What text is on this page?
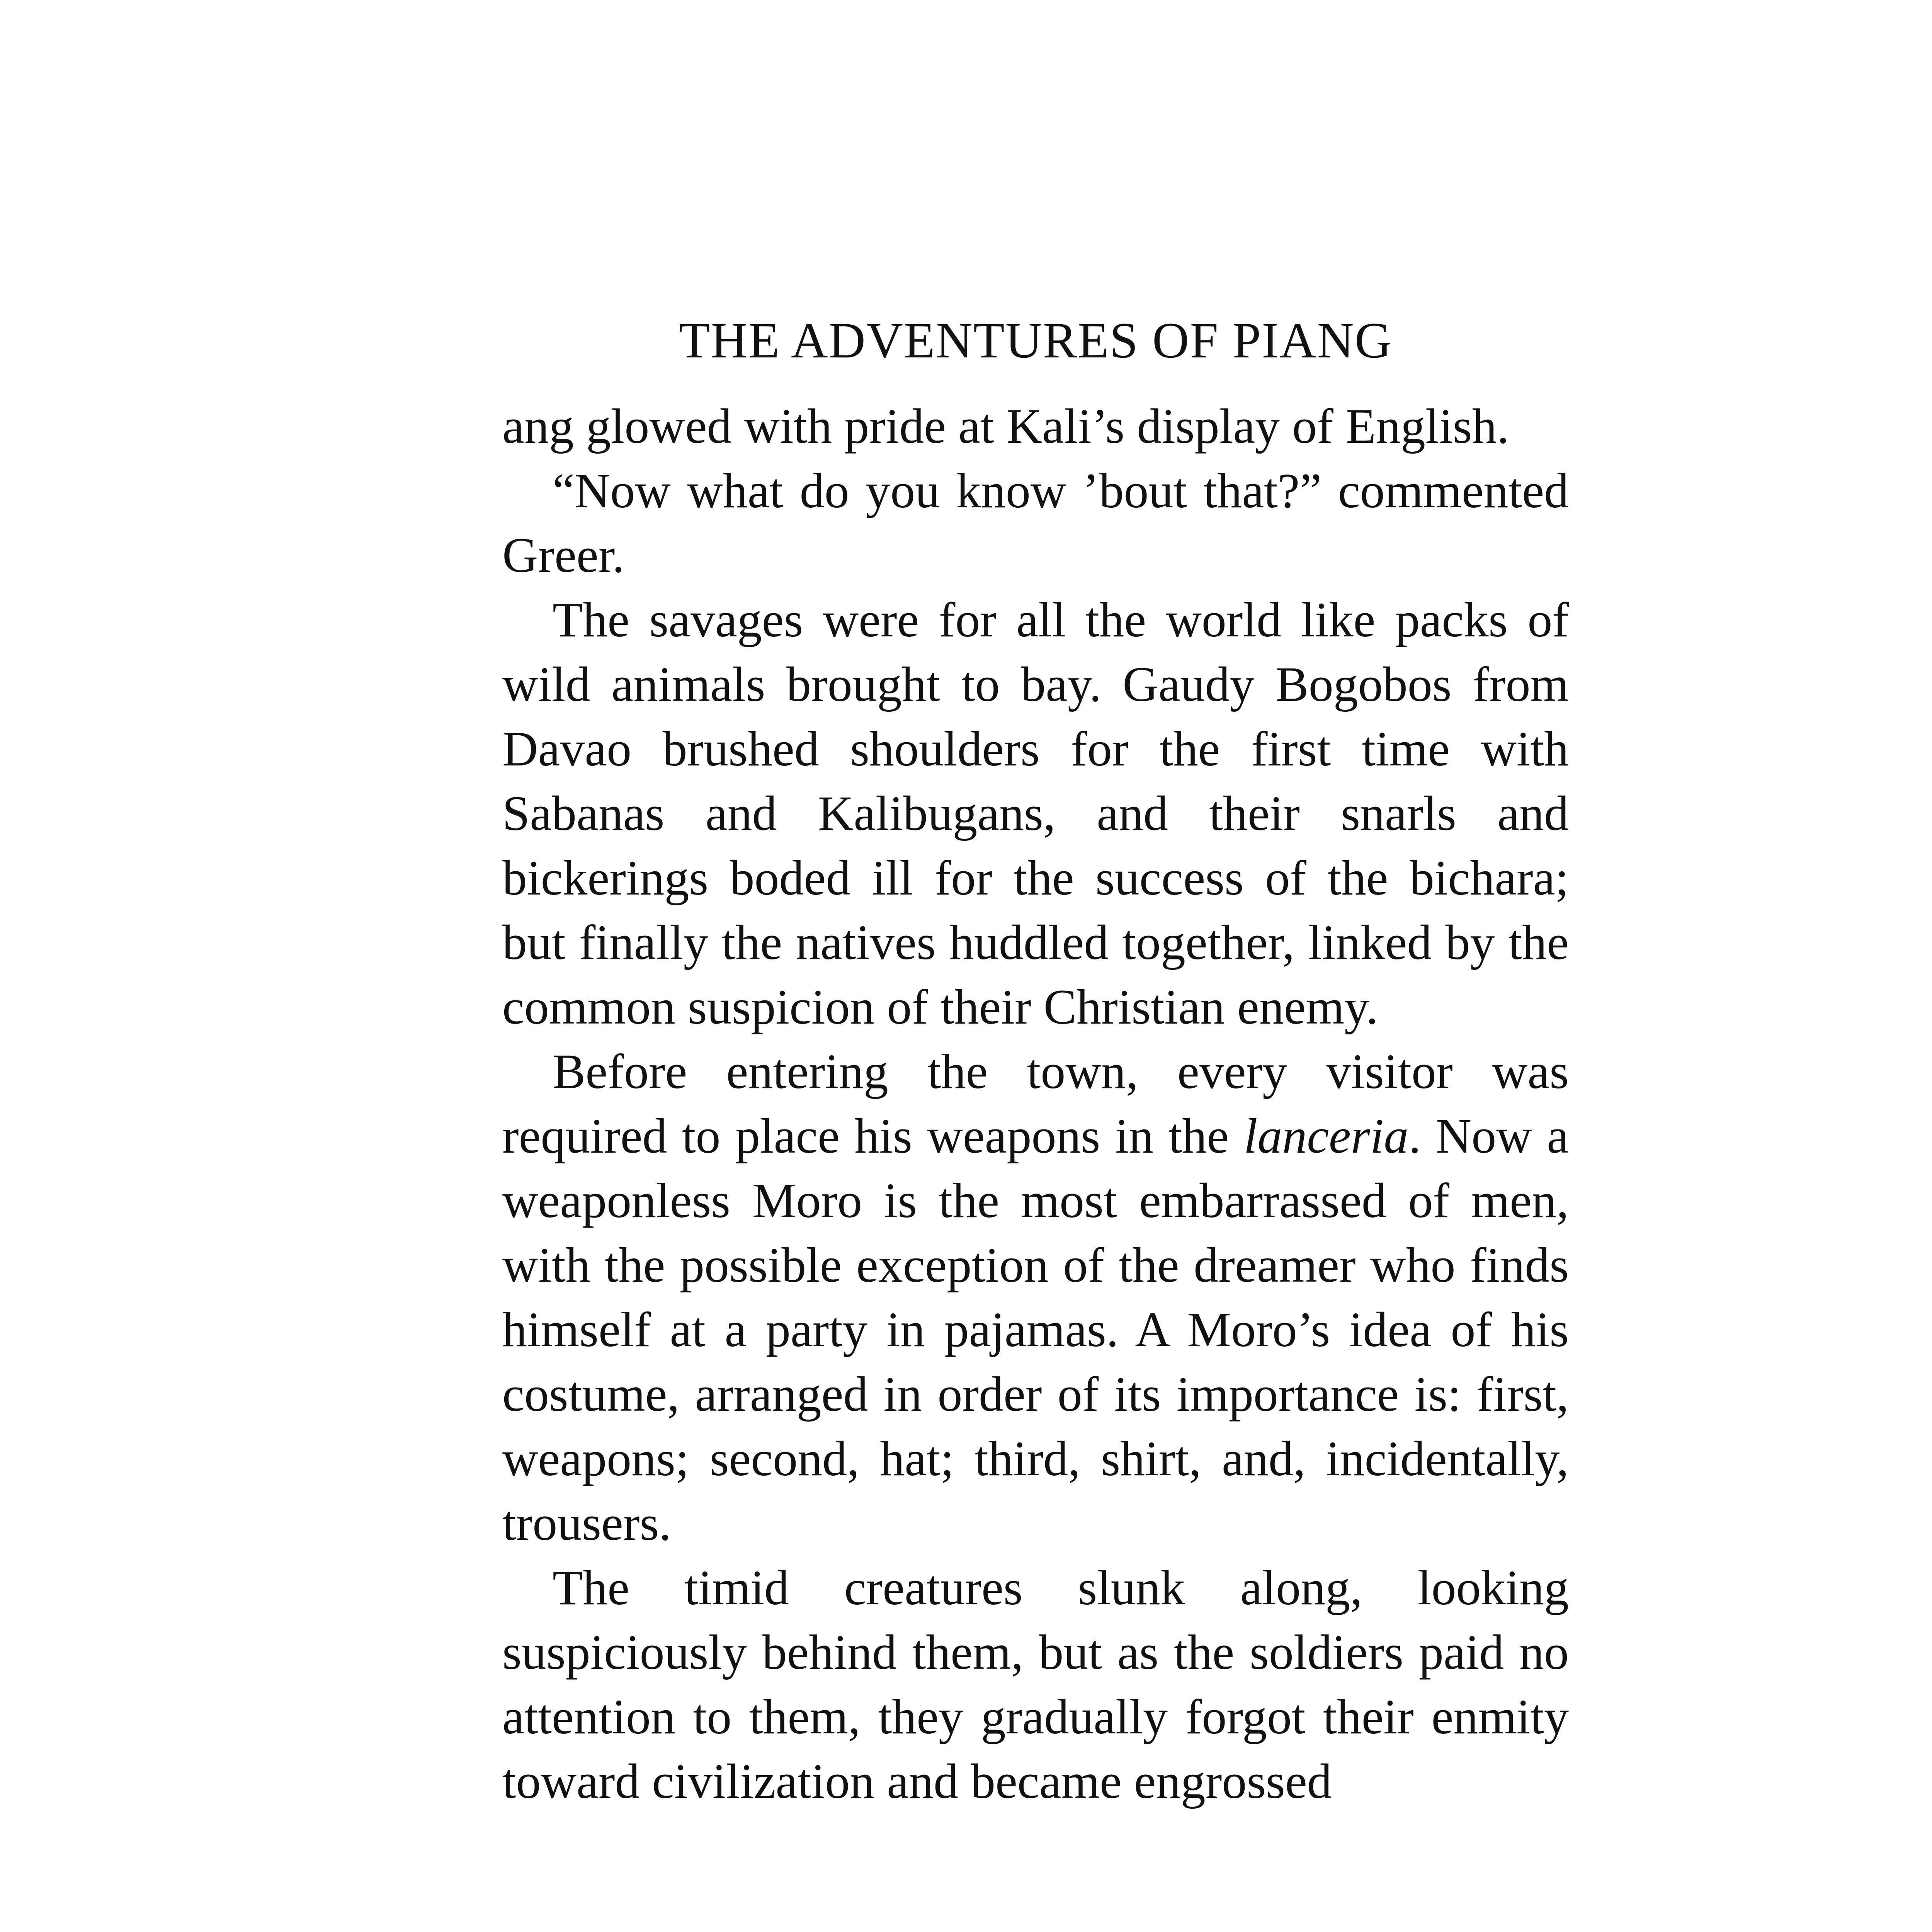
THE ADVENTURES OF PIANG

ang glowed with pride at Kali’s display of English.

“Now what do you know ’bout that?” commented Greer.

The savages were for all the world like packs of wild animals brought to bay. Gaudy Bogobos from Davao brushed shoulders for the first time with Sabanas and Kalibugans, and their snarls and bickerings boded ill for the success of the bichara; but finally the natives huddled together, linked by the common suspicion of their Christian enemy.

Before entering the town, every visitor was required to place his weapons in the lanceria. Now a weaponless Moro is the most embarrassed of men, with the possible exception of the dreamer who finds himself at a party in pajamas. A Moro’s idea of his costume, arranged in order of its importance is: first, weapons; second, hat; third, shirt, and, incidentally, trousers.

The timid creatures slunk along, looking suspiciously behind them, but as the soldiers paid no attention to them, they gradually forgot their enmity toward civilization and became engrossed
